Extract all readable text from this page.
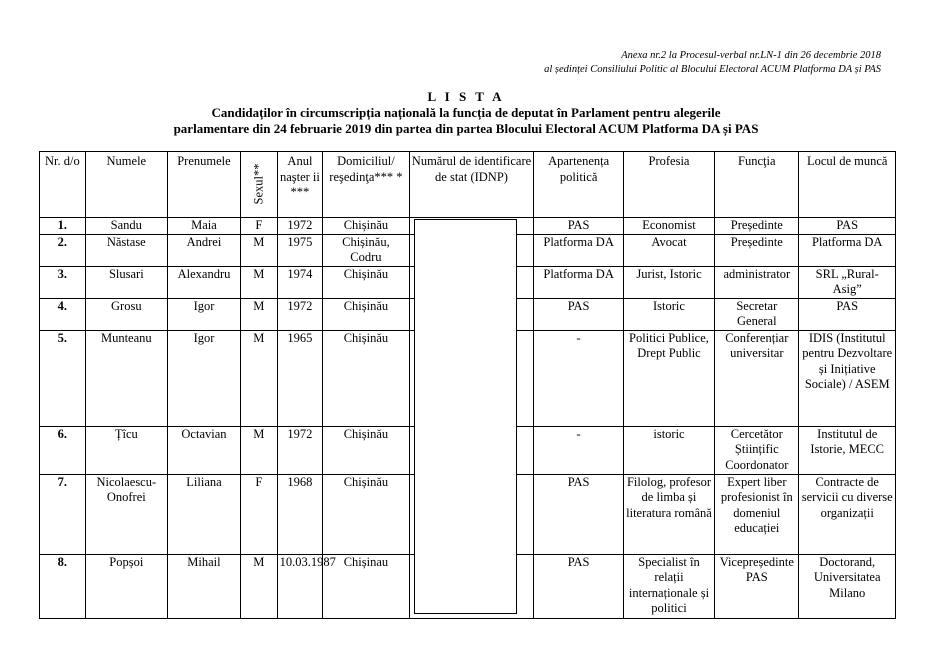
Anexa nr.2 la Procesul-verbal nr.LN-1 din 26 decembrie 2018
al ședinței Consiliului Politic al Blocului Electoral ACUM Platforma DA și PAS
L I S T A
Candidaților în circumscripția națională la funcția de deputat în Parlament pentru alegerile
parlamentare din 24 februarie 2019 din partea din partea Blocului Electoral ACUM Platforma DA și PAS
Nr. d/o	Numele	Prenumele	Sexul**	Anul naşter ii ***	Domiciliul/ reşedinţa*** *	Numărul de identificare de stat (IDNP)	Apartenența politică	Profesia	Funcţia	Locul de muncă
1.	Sandu	Maia	F	1972	Chișinău		PAS	Economist	Președinte	PAS
2.	Năstase	Andrei	M	1975	Chișinău, Codru		Platforma DA	Avocat	Președinte	Platforma DA
3.	Slusari	Alexandru	M	1974	Chișinău		Platforma DA	Jurist, Istoric	administrator	SRL „Rural-Asig”
4.	Grosu	Igor	M	1972	Chișinău		PAS	Istoric	Secretar General	PAS
5.	Munteanu	Igor	M	1965	Chișinău		-	Politici Publice, Drept Public	Conferențiar universitar	IDIS (Institutul pentru Dezvoltare și Inițiative Sociale) / ASEM
6.	Țîcu	Octavian	M	1972	Chișinău		-	istoric	Cercetător Științific Coordonator	Institutul de Istorie, MECC
7.	Nicolaescu-Onofrei	Liliana	F	1968	Chișinău		PAS	Filolog, profesor de limba și literatura română	Expert liber profesionist în domeniul educației	Contracte de servicii cu diverse organizații
8.	Popșoi	Mihail	M	10.03.1987	Chișinau		PAS	Specialist în relații internaționale și politici	Vicepreședinte PAS	Doctorand, Universitatea Milano
